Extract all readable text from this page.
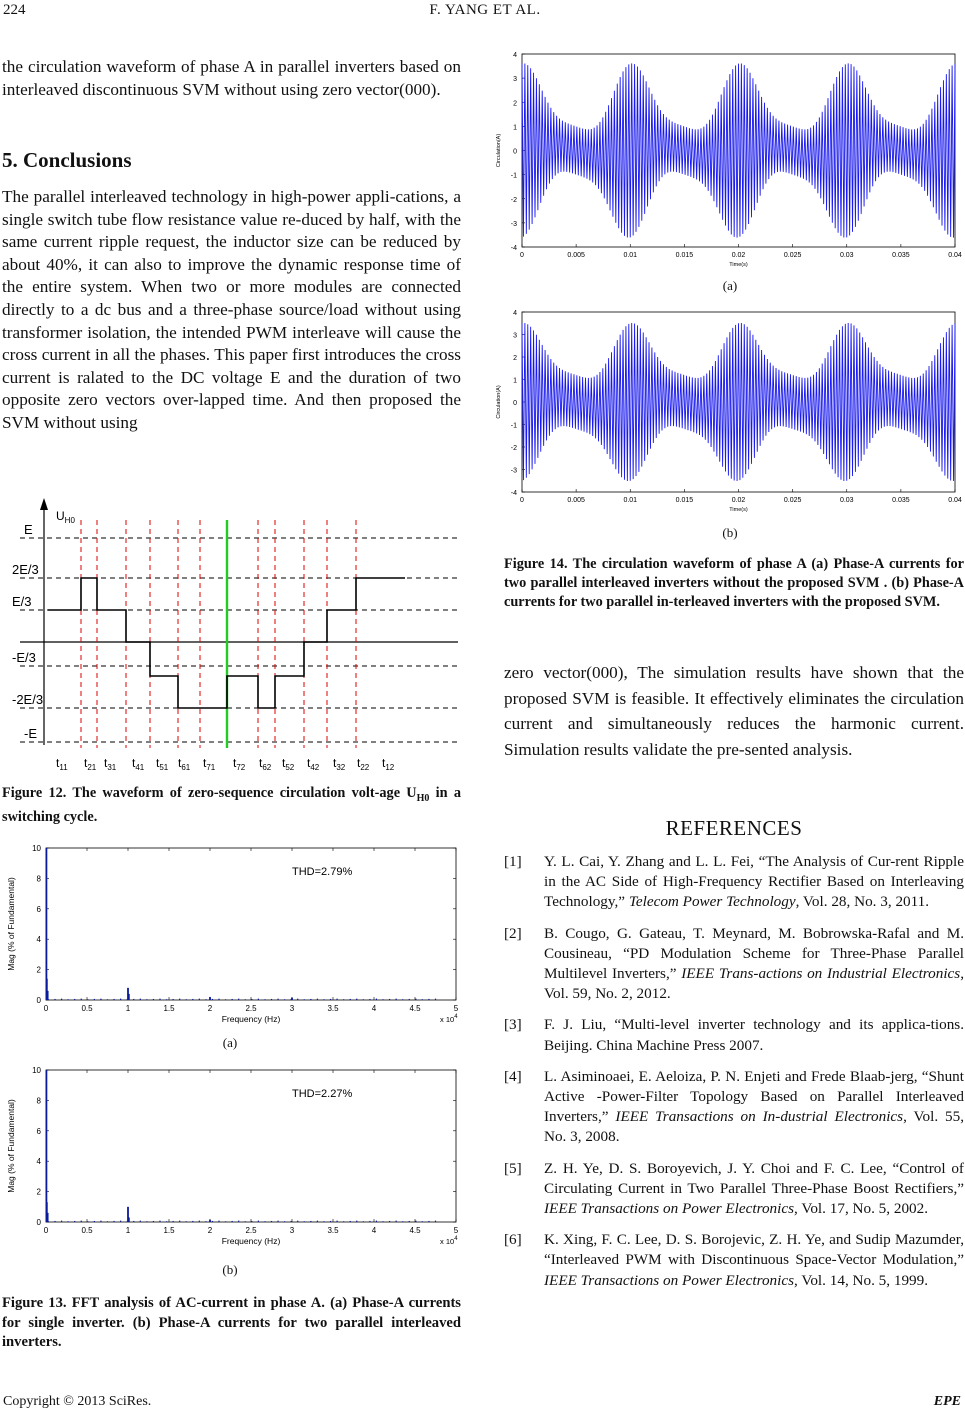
224	F. YANG ET AL.

the circulation waveform of phase A in parallel inverters based on interleaved discontinuous SVM without using zero vector(000).

5. Conclusions

The parallel interleaved technology in high-power appli-cations, a single switch tube flow resistance value re-duced by half, with the same current ripple request, the inductor size can be reduced by about 40%, it can also to improve the dynamic response time of the entire system. When two or more modules are connected directly to a dc bus and a three-phase source/load without using transformer isolation, the intended PWM interleave will cause the cross current in all the phases. This paper first introduces the cross current is ralated to the DC voltage E and the duration of two opposite zero vectors over-lapped time. And then proposed the SVM without using

$U_{H0}$
E
2E/3
E/3
-E/3
-2E/3
-E
$t_{11}$ $t_{21}$ $t_{31}$ $t_{41}$ $t_{51}$ $t_{61}$ $t_{71}$ $t_{72}$ $t_{62}$ $t_{52}$ $t_{42}$ $t_{32}$ $t_{22}$ $t_{12}$

Figure 12. The waveform of zero-sequence circulation volt-age $U_{H0}$ in a switching cycle.

0	0.5	1	1.5	2	2.5	3	3.5	4	4.5	5
0
2
4
6
8
10
Frequency (Hz)
Mag (% of Fundamental)
x $10^4$
THD=2.79%
(a)
0	0.5	1	1.5	2	2.5	3	3.5	4	4.5	5
0
2
4
6
8
10
Frequency (Hz)
Mag (% of Fundamental)
x $10^4$
THD=2.27%
(b)

Figure 13. FFT analysis of AC-current in phase A. (a) Phase-A currents for single inverter. (b) Phase-A currents for two parallel interleaved inverters.

0	0.005	0.01	0.015	0.02	0.025	0.03	0.035	0.04
-4
-3
-2
-1
0
1
2
3
4
Time(s)
Circulation(A)
(a)
0	0.005	0.01	0.015	0.02	0.025	0.03	0.035	0.04
-4
-3
-2
-1
0
1
2
3
4
Time(s)
Circulation(A)
(b)

Figure 14. The circulation waveform of phase A (a) Phase-A currents for two parallel interleaved inverters without the proposed SVM . (b) Phase-A currents for two parallel in-terleaved inverters with the proposed SVM.

zero vector(000), The simulation results have shown that the proposed SVM is feasible. It effectively eliminates the circulation current and simultaneously reduces the harmonic current. Simulation results validate the pre-sented analysis.

REFERENCES
[1] Y. L. Cai, Y. Zhang and L. L. Fei, “The Analysis of Cur-rent Ripple in the AC Side of High-Frequency Rectifier Based on Interleaving Technology,” Telecom Power Technology, Vol. 28, No. 3, 2011.
[2] B. Cougo, G. Gateau, T. Meynard, M. Bobrowska-Rafal and M. Cousineau, “PD Modulation Scheme for Three-Phase Parallel Multilevel Inverters,” IEEE Trans-actions on Industrial Electronics, Vol. 59, No. 2, 2012.
[3] F. J. Liu, “Multi-level inverter technology and its applica-tions. Beijing. China Machine Press 2007.
[4] L. Asiminoaei, E. Aeloiza, P. N. Enjeti and Frede Blaab-jerg, “Shunt Active -Power-Filter Topology Based on Parallel Interleaved Inverters,” IEEE Transactions on In-dustrial Electronics, Vol. 55, No. 3, 2008.
[5] Z. H. Ye, D. S. Boroyevich, J. Y. Choi and F. C. Lee, “Control of Circulating Current in Two Parallel Three-Phase Boost Rectifiers,” IEEE Transactions on Power Electronics, Vol. 17, No. 5, 2002.
[6] K. Xing, F. C. Lee, D. S. Borojevic, Z. H. Ye, and Sudip Mazumder, “Interleaved PWM with Discontinuous Space-Vector Modulation,” IEEE Transactions on Power Electronics, Vol. 14, No. 5, 1999.
Copyright © 2013 SciRes.	EPE
